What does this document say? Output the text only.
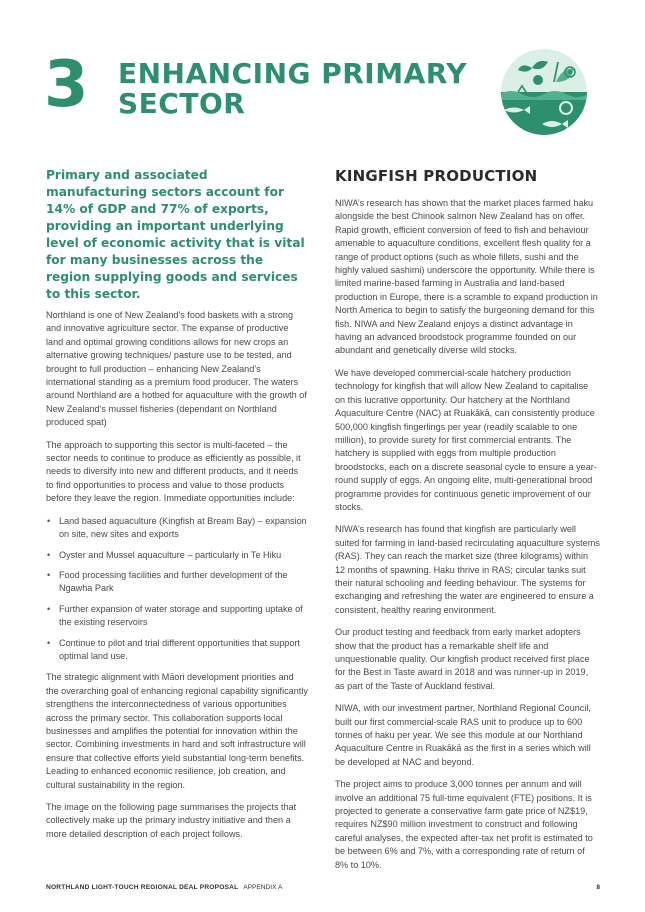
3 ENHANCING PRIMARY
SECTOR
Primary and associated manufacturing sectors account for 14% of GDP and 77% of exports, providing an important underlying level of economic activity that is vital for many businesses across the region supplying goods and services to this sector.

Northland is one of New Zealand’s food baskets with a strong and innovative agriculture sector. The expanse of productive land and optimal growing conditions allows for new crops an alternative growing techniques/ pasture use to be tested, and brought to full production – enhancing New Zealand’s international standing as a premium food producer. The waters around Northland are a hotbed for aquaculture with the growth of New Zealand’s mussel fisheries (dependant on Northland produced spat)

The approach to supporting this sector is multi-faceted – the sector needs to continue to produce as efficiently as possible, it needs to diversify into new and different products, and it needs to find opportunities to process and value to those products before they leave the region. Immediate opportunities include:

• Land based aquaculture (Kingfish at Bream Bay) – expansion on site, new sites and exports
• Oyster and Mussel aquaculture – particularly in Te Hiku
• Food processing facilities and further development of the Ngawha Park
• Further expansion of water storage and supporting uptake of the existing reservoirs
• Continue to pilot and trial different opportunities that support optimal land use.

The strategic alignment with Māori development priorities and the overarching goal of enhancing regional capability significantly strengthens the interconnectedness of various opportunities across the primary sector. This collaboration supports local businesses and amplifies the potential for innovation within the sector. Combining investments in hard and soft infrastructure will ensure that collective efforts yield substantial long-term benefits. Leading to enhanced economic resilience, job creation, and cultural sustainability in the region.

The image on the following page summarises the projects that collectively make up the primary industry initiative and then a more detailed description of each project follows.

KINGFISH PRODUCTION

NIWA’s research has shown that the market places farmed haku alongside the best Chinook salmon New Zealand has on offer. Rapid growth, efficient conversion of feed to fish and behaviour amenable to aquaculture conditions, excellent flesh quality for a range of product options (such as whole fillets, sushi and the highly valued sashimi) underscore the opportunity. While there is limited marine-based farming in Australia and land-based production in Europe, there is a scramble to expand production in North America to begin to satisfy the burgeoning demand for this fish. NIWA and New Zealand enjoys a distinct advantage in having an advanced broodstock programme founded on our abundant and genetically diverse wild stocks.

We have developed commercial-scale hatchery production technology for kingfish that will allow New Zealand to capitalise on this lucrative opportunity. Our hatchery at the Northland Aquaculture Centre (NAC) at Ruakākā, can consistently produce 500,000 kingfish fingerlings per year (readily scalable to one million), to provide surety for first commercial entrants. The hatchery is supplied with eggs from multiple production broodstocks, each on a discrete seasonal cycle to ensure a year-round supply of eggs. An ongoing elite, multi-generational brood programme provides for continuous genetic improvement of our stocks.

NIWA’s research has found that kingfish are particularly well suited for farming in land-based recirculating aquaculture systems (RAS). They can reach the market size (three kilograms) within 12 months of spawning. Haku thrive in RAS; circular tanks suit their natural schooling and feeding behaviour. The systems for exchanging and refreshing the water are engineered to ensure a consistent, healthy rearing environment.

Our product testing and feedback from early market adopters show that the product has a remarkable shelf life and unquestionable quality. Our kingfish product received first place for the Best in Taste award in 2018 and was runner-up in 2019, as part of the Taste of Auckland festival.

NIWA, with our investment partner, Northland Regional Council, built our first commercial-scale RAS unit to produce up to 600 tonnes of haku per year. We see this module at our Northland Aquaculture Centre in Ruakākā as the first in a series which will be developed at NAC and beyond.

The project aims to produce 3,000 tonnes per annum and will involve an additional 75 full-time equivalent (FTE) positions. It is projected to generate a conservative farm gate price of NZ$19, requires NZ$90 million investment to construct and following careful analyses, the expected after-tax net profit is estimated to be between 6% and 7%, with a corresponding rate of return of 8% to 10%.

NORTHLAND LIGHT-TOUCH REGIONAL DEAL PROPOSAL APPENDIX A	8
